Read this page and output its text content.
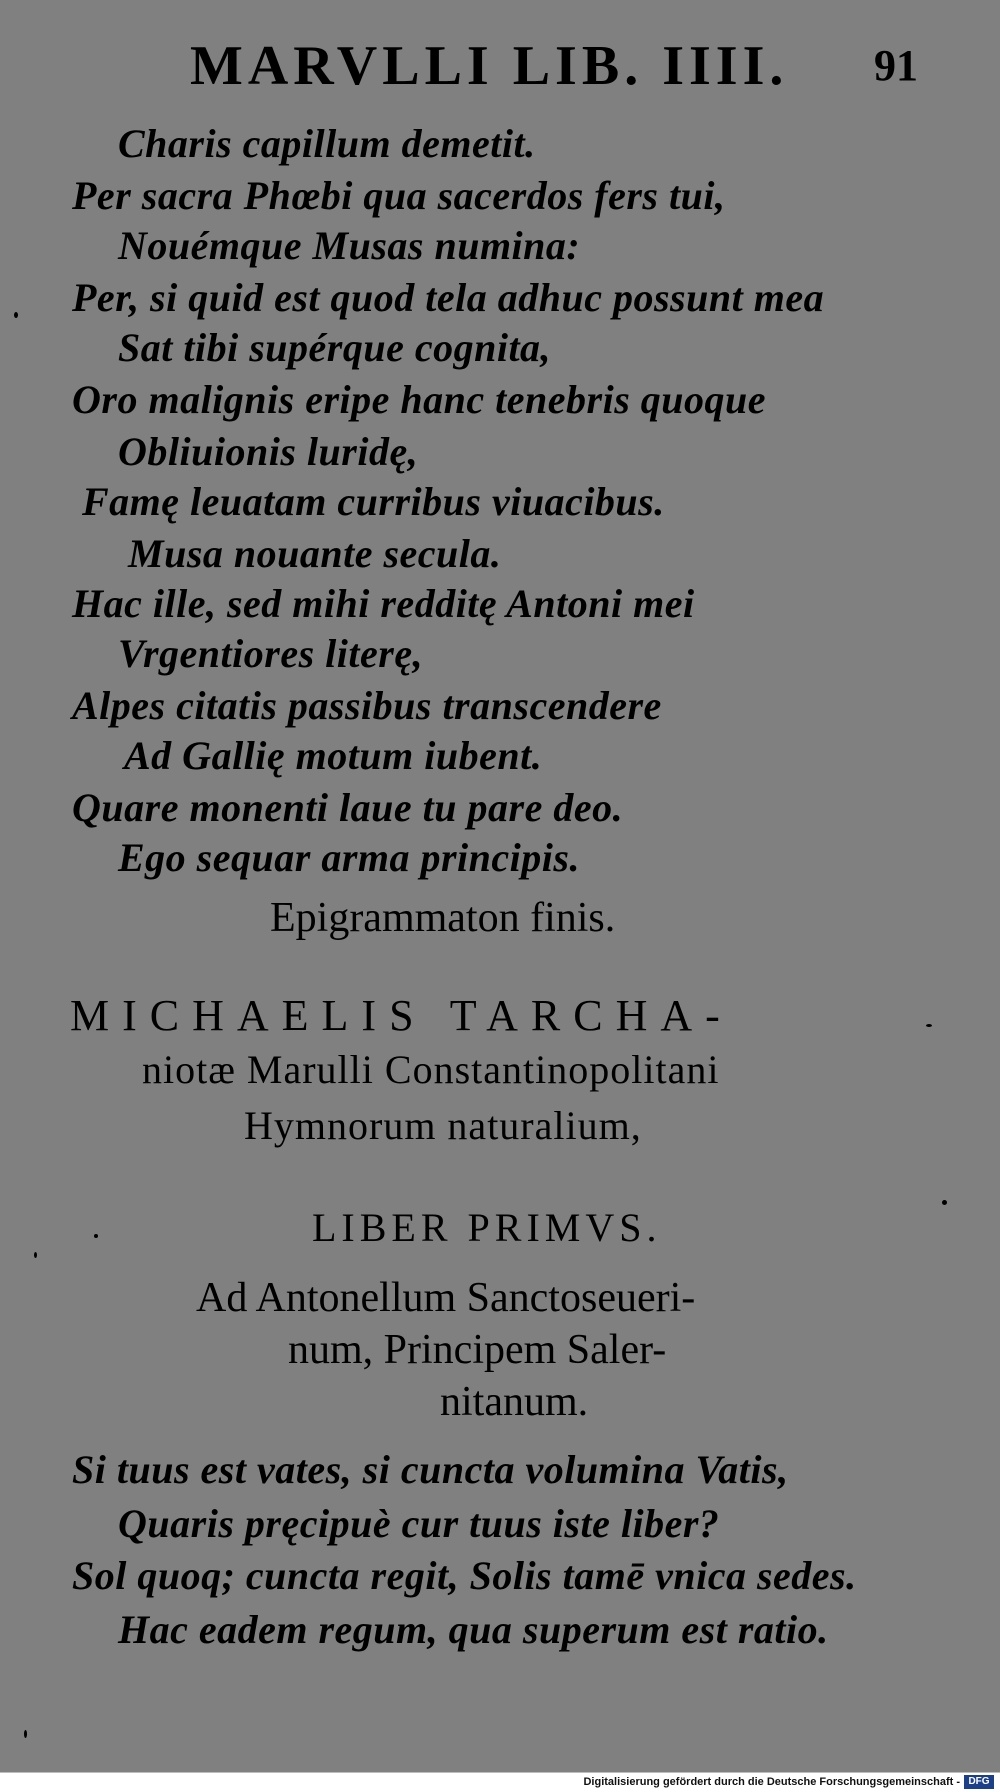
MARVLLI LIB. IIII. 91
Charis capillum demetit.
Per sacra Phœbi qua sacerdos fers tui,
Nouémque Musas numina:
Per, si quid est quod tela adhuc possunt mea
Sat tibi supérque cognita,
Oro malignis eripe hanc tenebris quoque
Obliuionis luridę,
Famę leuatam curribus viuacibus.
Musa nouante secula.
Hac ille, sed mihi redditę Antoni mei
Vrgentiores literę,
Alpes citatis passibus transcendere
Ad Gallię motum iubent.
Quare monenti laue tu pare deo.
Ego sequar arma principis.
Epigrammaton finis.
MICHAELIS TARCHA-
niotæ Marulli Constantinopolitani
Hymnorum naturalium,
LIBER PRIMVS.
Ad Antonellum Sanctoseueri-
num, Principem Saler-
nitanum.
Si tuus est vates, si cuncta volumina Vatis,
Quaris pręcipuè cur tuus iste liber?
Sol quoq; cuncta regit, Solis tamē vnica sedes.
Hac eadem regum, qua superum est ratio.
Digitalisierung gefördert durch die Deutsche Forschungsgemeinschaft - DFG
